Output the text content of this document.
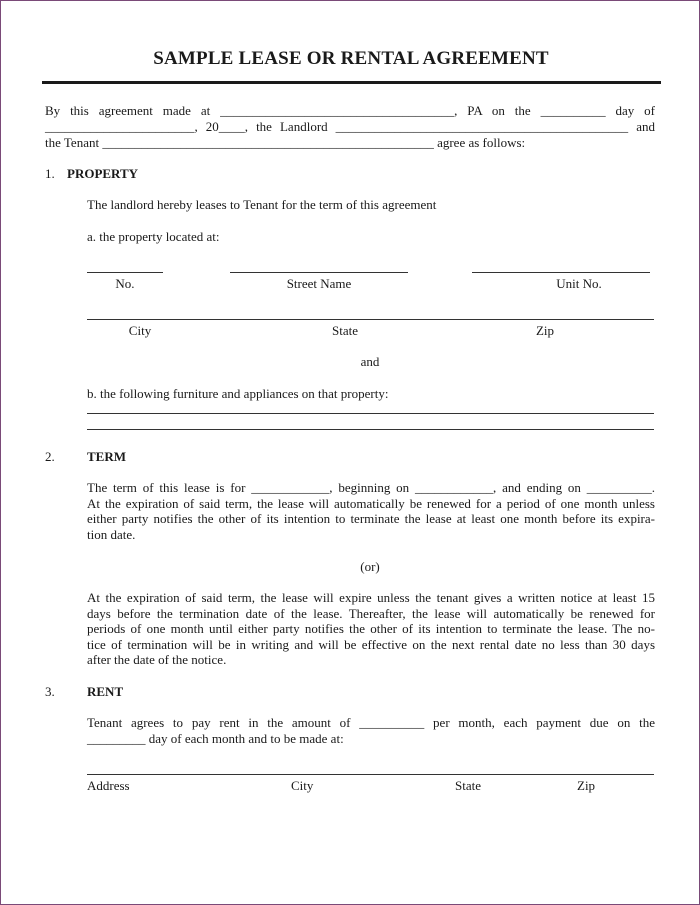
SAMPLE LEASE OR RENTAL AGREEMENT
By this agreement made at ____________________________________, PA on the __________ day of
_______________________, 20____, the Landlord _____________________________________________ and
the Tenant ___________________________________________________ agree as follows:
1. PROPERTY
The landlord hereby leases to Tenant for the term of this agreement
a. the property located at:
No.	Street Name	Unit No.
City	State	Zip
and
b. the following furniture and appliances on that property:
2. TERM
The term of this lease is for ____________, beginning on ____________, and ending on __________.
At the expiration of said term, the lease will automatically be renewed for a period of one month unless
either party notifies the other of its intention to terminate the lease at least one month before its expira-
tion date.
(or)
At the expiration of said term, the lease will expire unless the tenant gives a written notice at least 15
days before the termination date of the lease. Thereafter, the lease will automatically be renewed for
periods of one month until either party notifies the other of its intention to terminate the lease. The no-
tice of termination will be in writing and will be effective on the next rental date no less than 30 days
after the date of the notice.
3. RENT
Tenant agrees to pay rent in the amount of __________ per month, each payment due on the
_________ day of each month and to be made at:
Address	City	State	Zip
